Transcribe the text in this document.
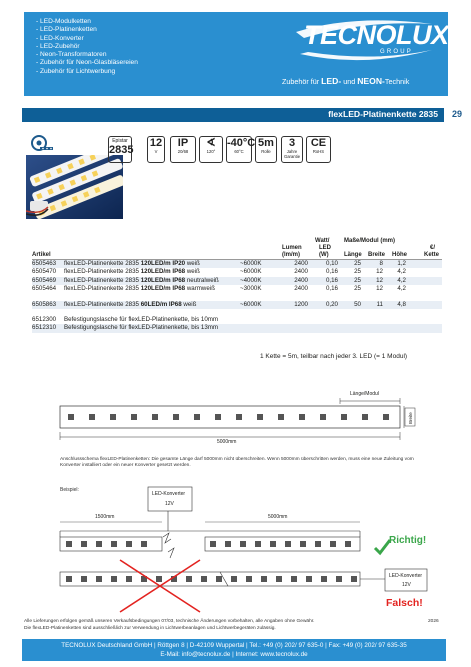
- LED-Modulketten
- LED-Platinenketten
- LED-Konverter
- LED-Zubehör
- Neon-Transformatoren
- Zubehör für Neon-Glasbläsereien
- Zubehör für Lichtwerbung
TECNOLUX
GROUP
Zubehör für LED- und NEON-Technik
flexLED-Platinenkette 2835 29
Epistar
2835
12
V
IP
20/68
∢
120°
-40°C
60°C
5m
Rolle
3
Jahre Garantie
CE
RoHS
Artikel
Lumen
(lm/m)
Watt/
LED
(W)
Maße/Modul (mm)
Länge Breite Höhe
€/
Kette
6505463 flexLED-Platinenkette 2835 120LED/m IP20 weiß	~6000K	2400	0,10	25	8	1,2
6505470 flexLED-Platinenkette 2835 120LED/m IP68 weiß	~6000K	2400	0,16	25	12	4,2
6505469 flexLED-Platinenkette 2835 120LED/m IP68 neutralweiß	~4000K	2400	0,16	25	12	4,2
6505464 flexLED-Platinenkette 2835 120LED/m IP68 warmweiß	~3000K	2400	0,16	25	12	4,2
6505863 flexLED-Platinenkette 2835 60LED/m IP68 weiß	~6000K	1200	0,20	50	11	4,8
6512300 Befestigungslasche für flexLED-Platinenkette, bis 10mm
6512310 Befestigungslasche für flexLED-Platinenkette, bis 13mm
1 Kette = 5m, teilbar nach jeder 3. LED (= 1 Modul)
Länge/Modul
Breite
5000mm

Anschlussschema flexLED-Platinenketten: Die gesamte Länge darf 5000mm nicht überschreiten. Wenn 5000mm überschritten werden, muss eine neue Zuleitung vom Konverter installiert oder ein neuer Konverter gesetzt werden.

Beispiel:
LED-Konverter
12V
1500mm	5000mm
Richtig!
LED-Konverter
12V
Falsch!
Alle Lieferungen erfolgen gemäß unseren Verkaufsbedingungen 07/03, technische Änderungen vorbehalten, alle Angaben ohne Gewähr.
Die flexLED-Platinenketten sind ausschließlich zur Verwendung in Lichtwerbeanlagen und Lichtwerbegeräten zulässig.
2026
TECNOLUX Deutschland GmbH | Röttgen 8 | D-42109 Wuppertal | Tel.: +49 (0) 202/ 97 635-0 | Fax: +49 (0) 202/ 97 635-35
E-Mail: info@tecnolux.de | Internet: www.tecnolux.de
